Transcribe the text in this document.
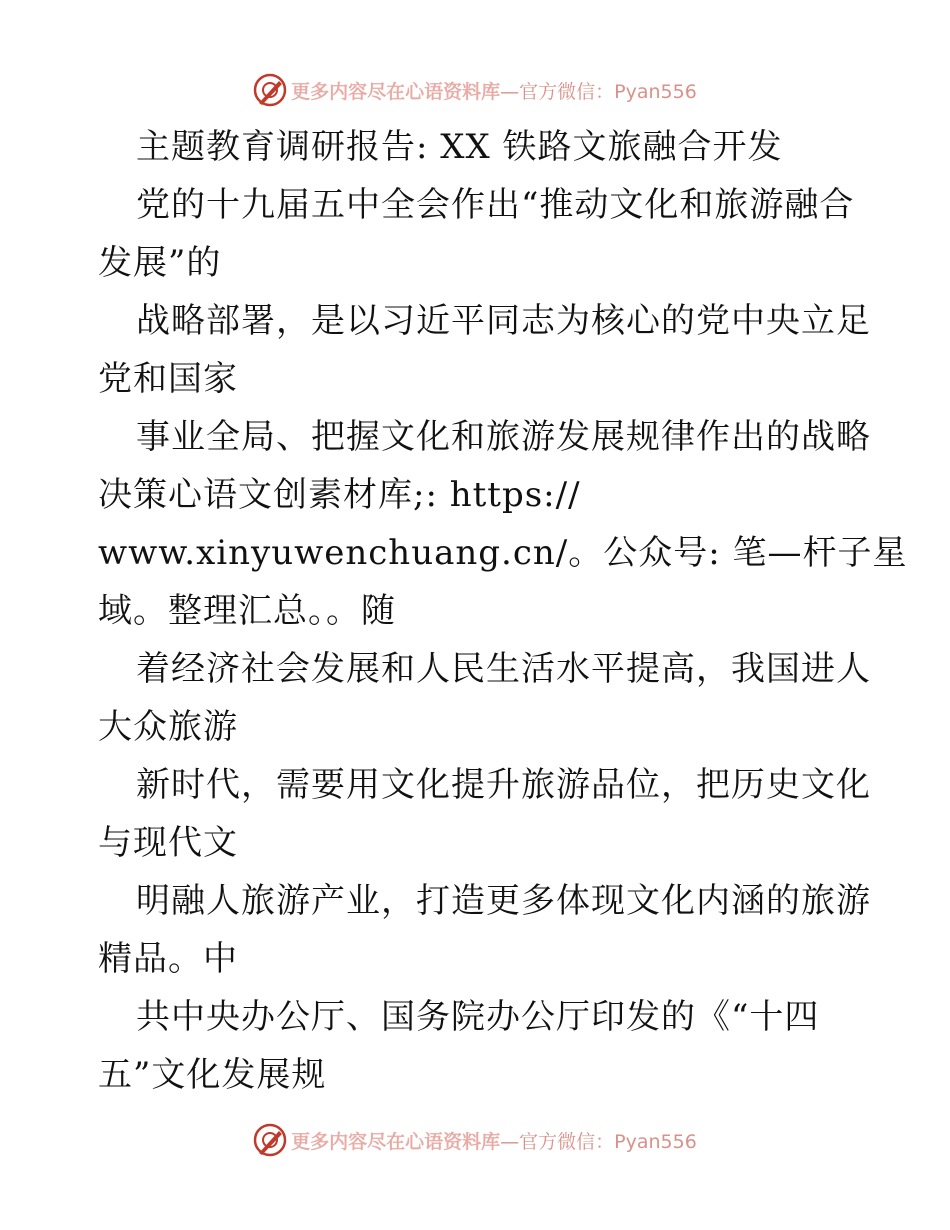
更多内容尽在心语资料库—官方微信：Pyan556
主题教育调研报告: XX 铁路文旅融合开发
党的十九届五中全会作出“推动文化和旅游融合
发展”的
战略部署，是以习近平同志为核心的党中央立足
党和国家
事业全局、把握文化和旅游发展规律作出的战略
决策心语文创素材库;: https://
www.xinyuwenchuang.cn/。公众号: 笔—杆子星
域。整理汇总。。随
着经济社会发展和人民生活水平提高，我国进人
大众旅游
新时代，需要用文化提升旅游品位，把历史文化
与现代文
明融人旅游产业，打造更多体现文化内涵的旅游
精品。中
共中央办公厅、国务院办公厅印发的《“十四
五”文化发展规
更多内容尽在心语资料库—官方微信：Pyan556
